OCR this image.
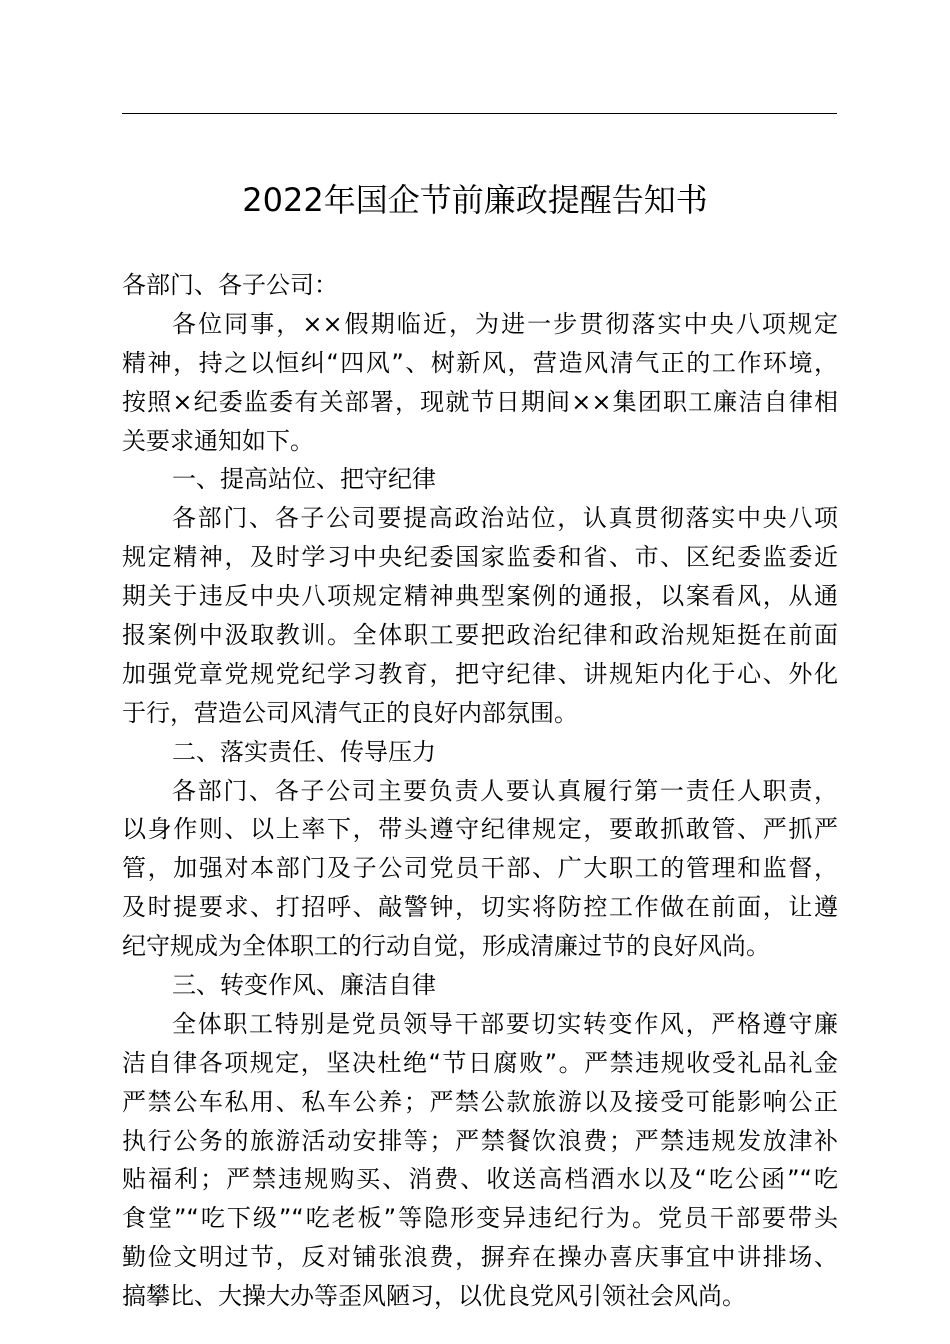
2022年国企节前廉政提醒告知书
各部门、各子公司：
各位同事，××假期临近，为进一步贯彻落实中央八项规定
精神，持之以恒纠“四风”、树新风，营造风清气正的工作环境，
按照×纪委监委有关部署，现就节日期间××集团职工廉洁自律相
关要求通知如下。
一、提高站位、把守纪律
各部门、各子公司要提高政治站位，认真贯彻落实中央八项
规定精神，及时学习中央纪委国家监委和省、市、区纪委监委近
期关于违反中央八项规定精神典型案例的通报，以案看风，从通
报案例中汲取教训。全体职工要把政治纪律和政治规矩挺在前面
加强党章党规党纪学习教育，把守纪律、讲规矩内化于心、外化
于行，营造公司风清气正的良好内部氛围。
二、落实责任、传导压力
各部门、各子公司主要负责人要认真履行第一责任人职责，
以身作则、以上率下，带头遵守纪律规定，要敢抓敢管、严抓严
管，加强对本部门及子公司党员干部、广大职工的管理和监督，
及时提要求、打招呼、敲警钟，切实将防控工作做在前面，让遵
纪守规成为全体职工的行动自觉，形成清廉过节的良好风尚。
三、转变作风、廉洁自律
全体职工特别是党员领导干部要切实转变作风，严格遵守廉
洁自律各项规定，坚决杜绝“节日腐败”。严禁违规收受礼品礼金
严禁公车私用、私车公养；严禁公款旅游以及接受可能影响公正
执行公务的旅游活动安排等；严禁餐饮浪费；严禁违规发放津补
贴福利；严禁违规购买、消费、收送高档酒水以及“吃公函”“吃
食堂”“吃下级”“吃老板”等隐形变异违纪行为。党员干部要带头
勤俭文明过节，反对铺张浪费，摒弃在操办喜庆事宜中讲排场、
搞攀比、大操大办等歪风陋习，以优良党风引领社会风尚。
